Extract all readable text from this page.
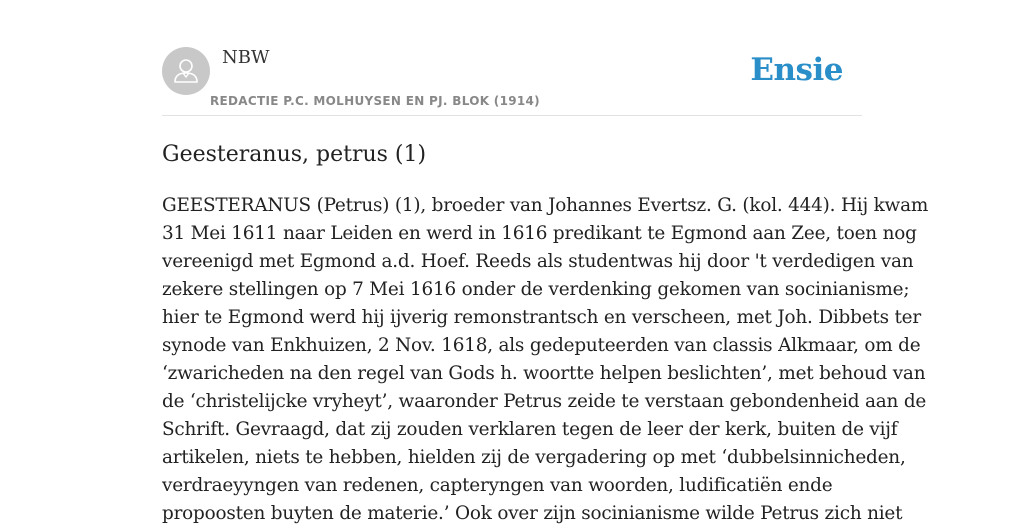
NBW
REDACTIE P.C. MOLHUYSEN EN PJ. BLOK (1914)
Ensie
Geesteranus, petrus (1)
GEESTERANUS (Petrus) (1), broeder van Johannes Evertsz. G. (kol. 444). Hij kwam
31 Mei 1611 naar Leiden en werd in 1616 predikant te Egmond aan Zee, toen nog
vereenigd met Egmond a.d. Hoef. Reeds als studentwas hij door 't verdedigen van
zekere stellingen op 7 Mei 1616 onder de verdenking gekomen van socinianisme;
hier te Egmond werd hij ijverig remonstrantsch en verscheen, met Joh. Dibbets ter
synode van Enkhuizen, 2 Nov. 1618, als gedeputeerden van classis Alkmaar, om de
‘zwaricheden na den regel van Gods h. woortte helpen beslichten’, met behoud van
de ‘christelijcke vryheyt’, waaronder Petrus zeide te verstaan gebondenheid aan de
Schrift. Gevraagd, dat zij zouden verklaren tegen de leer der kerk, buiten de vijf
artikelen, niets te hebben, hielden zij de vergadering op met ‘dubbelsinnicheden,
verdraeyyngen van redenen, capteryngen van woorden, ludificatiën ende
propoosten buyten de materie.’ Ook over zijn socinianisme wilde Petrus zich niet
